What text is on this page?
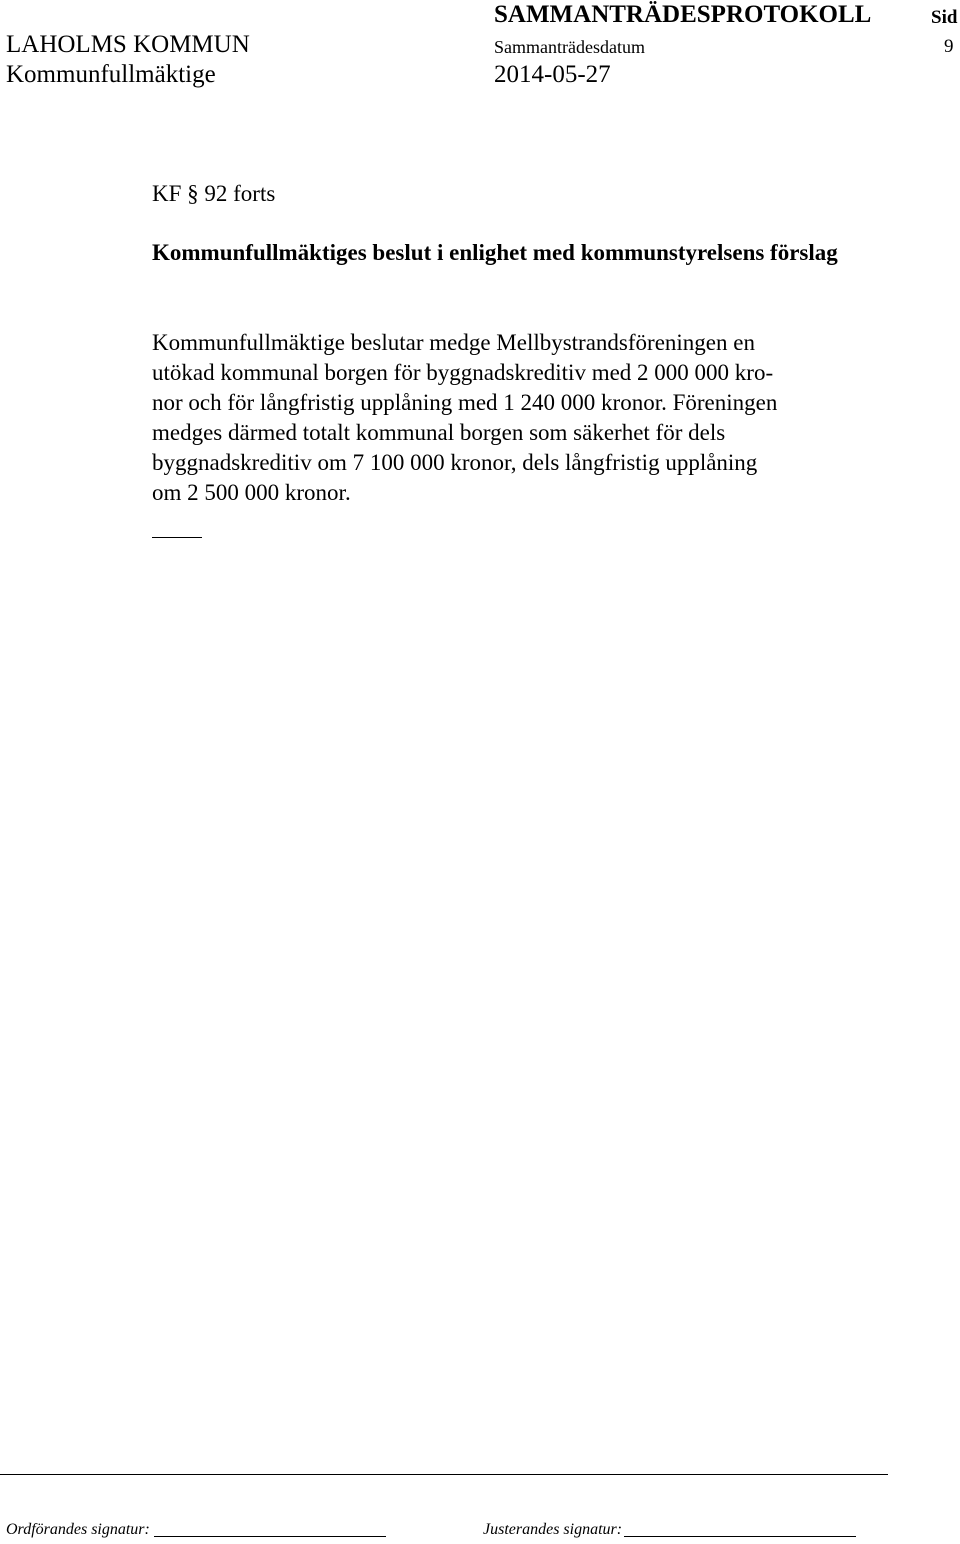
LAHOLMS KOMMUN
Kommunfullmäktige
SAMMANTRÄDESPROTOKOLL
Sammanträdesdatum
2014-05-27
Sid
9
KF § 92 forts
Kommunfullmäktiges beslut i enlighet med kommunstyrelsens förslag
Kommunfullmäktige beslutar medge Mellbystrandsföreningen en
utökad kommunal borgen för byggnadskreditiv med 2 000 000 kro-
nor och för långfristig upplåning med 1 240 000 kronor. Föreningen
medges därmed totalt kommunal borgen som säkerhet för dels
byggnadskreditiv om 7 100 000 kronor, dels långfristig upplåning
om 2 500 000 kronor.
Ordförandes signatur:	Justerandes signatur:
